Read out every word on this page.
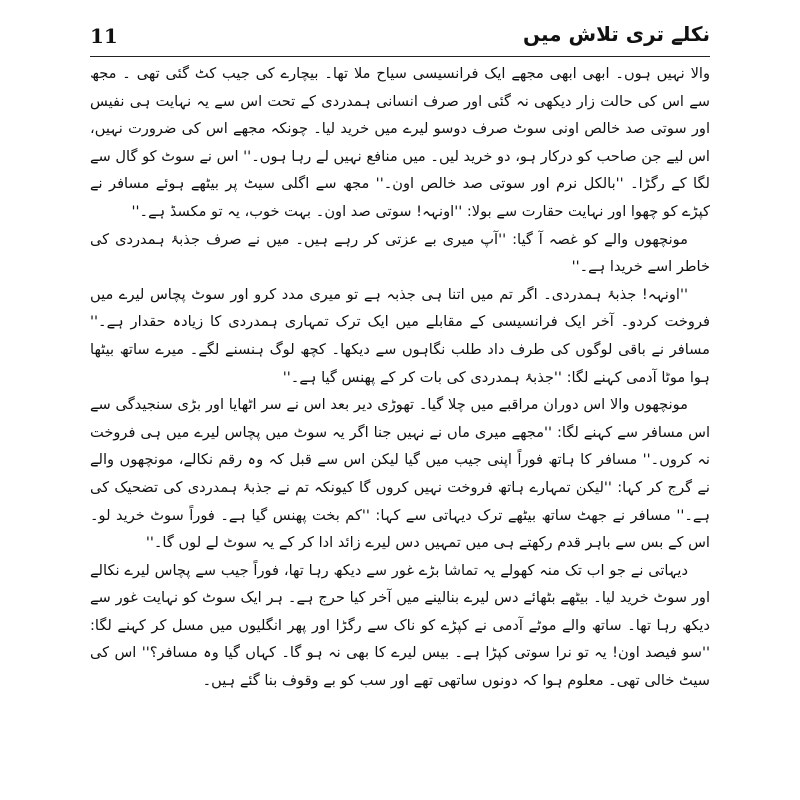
11	نکلے تری تلاش میں

والا نہیں ہوں۔ ابھی ابھی مجھے ایک فرانسیسی سیاح ملا تھا۔ بیچارے کی جیب کٹ گئی تھی ۔ مجھ سے اس کی حالت زار دیکھی نہ گئی اور صرف انسانی ہمدردی کے تحت اس سے یہ نہایت ہی نفیس اور سوتی صد خالص اونی سوٹ صرف دوسو لیرے میں خرید لیا۔ چونکہ مجھے اس کی ضرورت نہیں، اس لیے جن صاحب کو درکار ہو، دو خرید لیں۔ میں منافع نہیں لے رہا ہوں۔'' اس نے سوٹ کو گال سے لگا کے رگڑا۔ ''بالکل نرم اور سوتی صد خالص اون۔'' مجھ سے اگلی سیٹ پر بیٹھے ہوئے مسافر نے کپڑے کو چھوا اور نہایت حقارت سے بولا: ''اونہہ! سوتی صد اون۔ بہت خوب، یہ تو مکسڈ ہے۔''

مونچھوں والے کو غصہ آ گیا: ''آپ میری بے عزتی کر رہے ہیں۔ میں نے صرف جذبۂ ہمدردی کی خاطر اسے خریدا ہے۔''

''اونہہ! جذبۂ ہمدردی۔ اگر تم میں اتنا ہی جذبہ ہے تو میری مدد کرو اور سوٹ پچاس لیرے میں فروخت کردو۔ آخر ایک فرانسیسی کے مقابلے میں ایک ترک تمہاری ہمدردی کا زیادہ حقدار ہے۔'' مسافر نے باقی لوگوں کی طرف داد طلب نگاہوں سے دیکھا۔ کچھ لوگ ہنسنے لگے۔ میرے ساتھ بیٹھا ہوا موٹا آدمی کہنے لگا: ''جذبۂ ہمدردی کی بات کر کے پھنس گیا ہے۔''

مونچھوں والا اس دوران مراقبے میں چلا گیا۔ تھوڑی دیر بعد اس نے سر اٹھایا اور بڑی سنجیدگی سے اس مسافر سے کہنے لگا: ''مجھے میری ماں نے نہیں جنا اگر یہ سوٹ میں پچاس لیرے میں ہی فروخت نہ کروں۔'' مسافر کا ہاتھ فوراً اپنی جیب میں گیا لیکن اس سے قبل کہ وہ رقم نکالے، مونچھوں والے نے گرج کر کہا: ''لیکن تمہارے ہاتھ فروخت نہیں کروں گا کیونکہ تم نے جذبۂ ہمدردی کی تضحیک کی ہے۔'' مسافر نے جھٹ ساتھ بیٹھے ترک دیہاتی سے کہا: ''کم بخت پھنس گیا ہے۔ فوراً سوٹ خرید لو۔ اس کے بس سے باہر قدم رکھتے ہی میں تمہیں دس لیرے زائد ادا کر کے یہ سوٹ لے لوں گا۔''

دیہاتی نے جو اب تک منہ کھولے یہ تماشا بڑے غور سے دیکھ رہا تھا، فوراً جیب سے پچاس لیرے نکالے اور سوٹ خرید لیا۔ بیٹھے بٹھائے دس لیرے بنالینے میں آخر کیا حرج ہے۔ ہر ایک سوٹ کو نہایت غور سے دیکھ رہا تھا۔ ساتھ والے موٹے آدمی نے کپڑے کو ناک سے رگڑا اور پھر انگلیوں میں مسل کر کہنے لگا: ''سو فیصد اون! یہ تو نرا سوتی کپڑا ہے۔ بیس لیرے کا بھی نہ ہو گا۔ کہاں گیا وہ مسافر؟'' اس کی سیٹ خالی تھی۔ معلوم ہوا کہ دونوں ساتھی تھے اور سب کو بے وقوف بنا گئے ہیں۔
